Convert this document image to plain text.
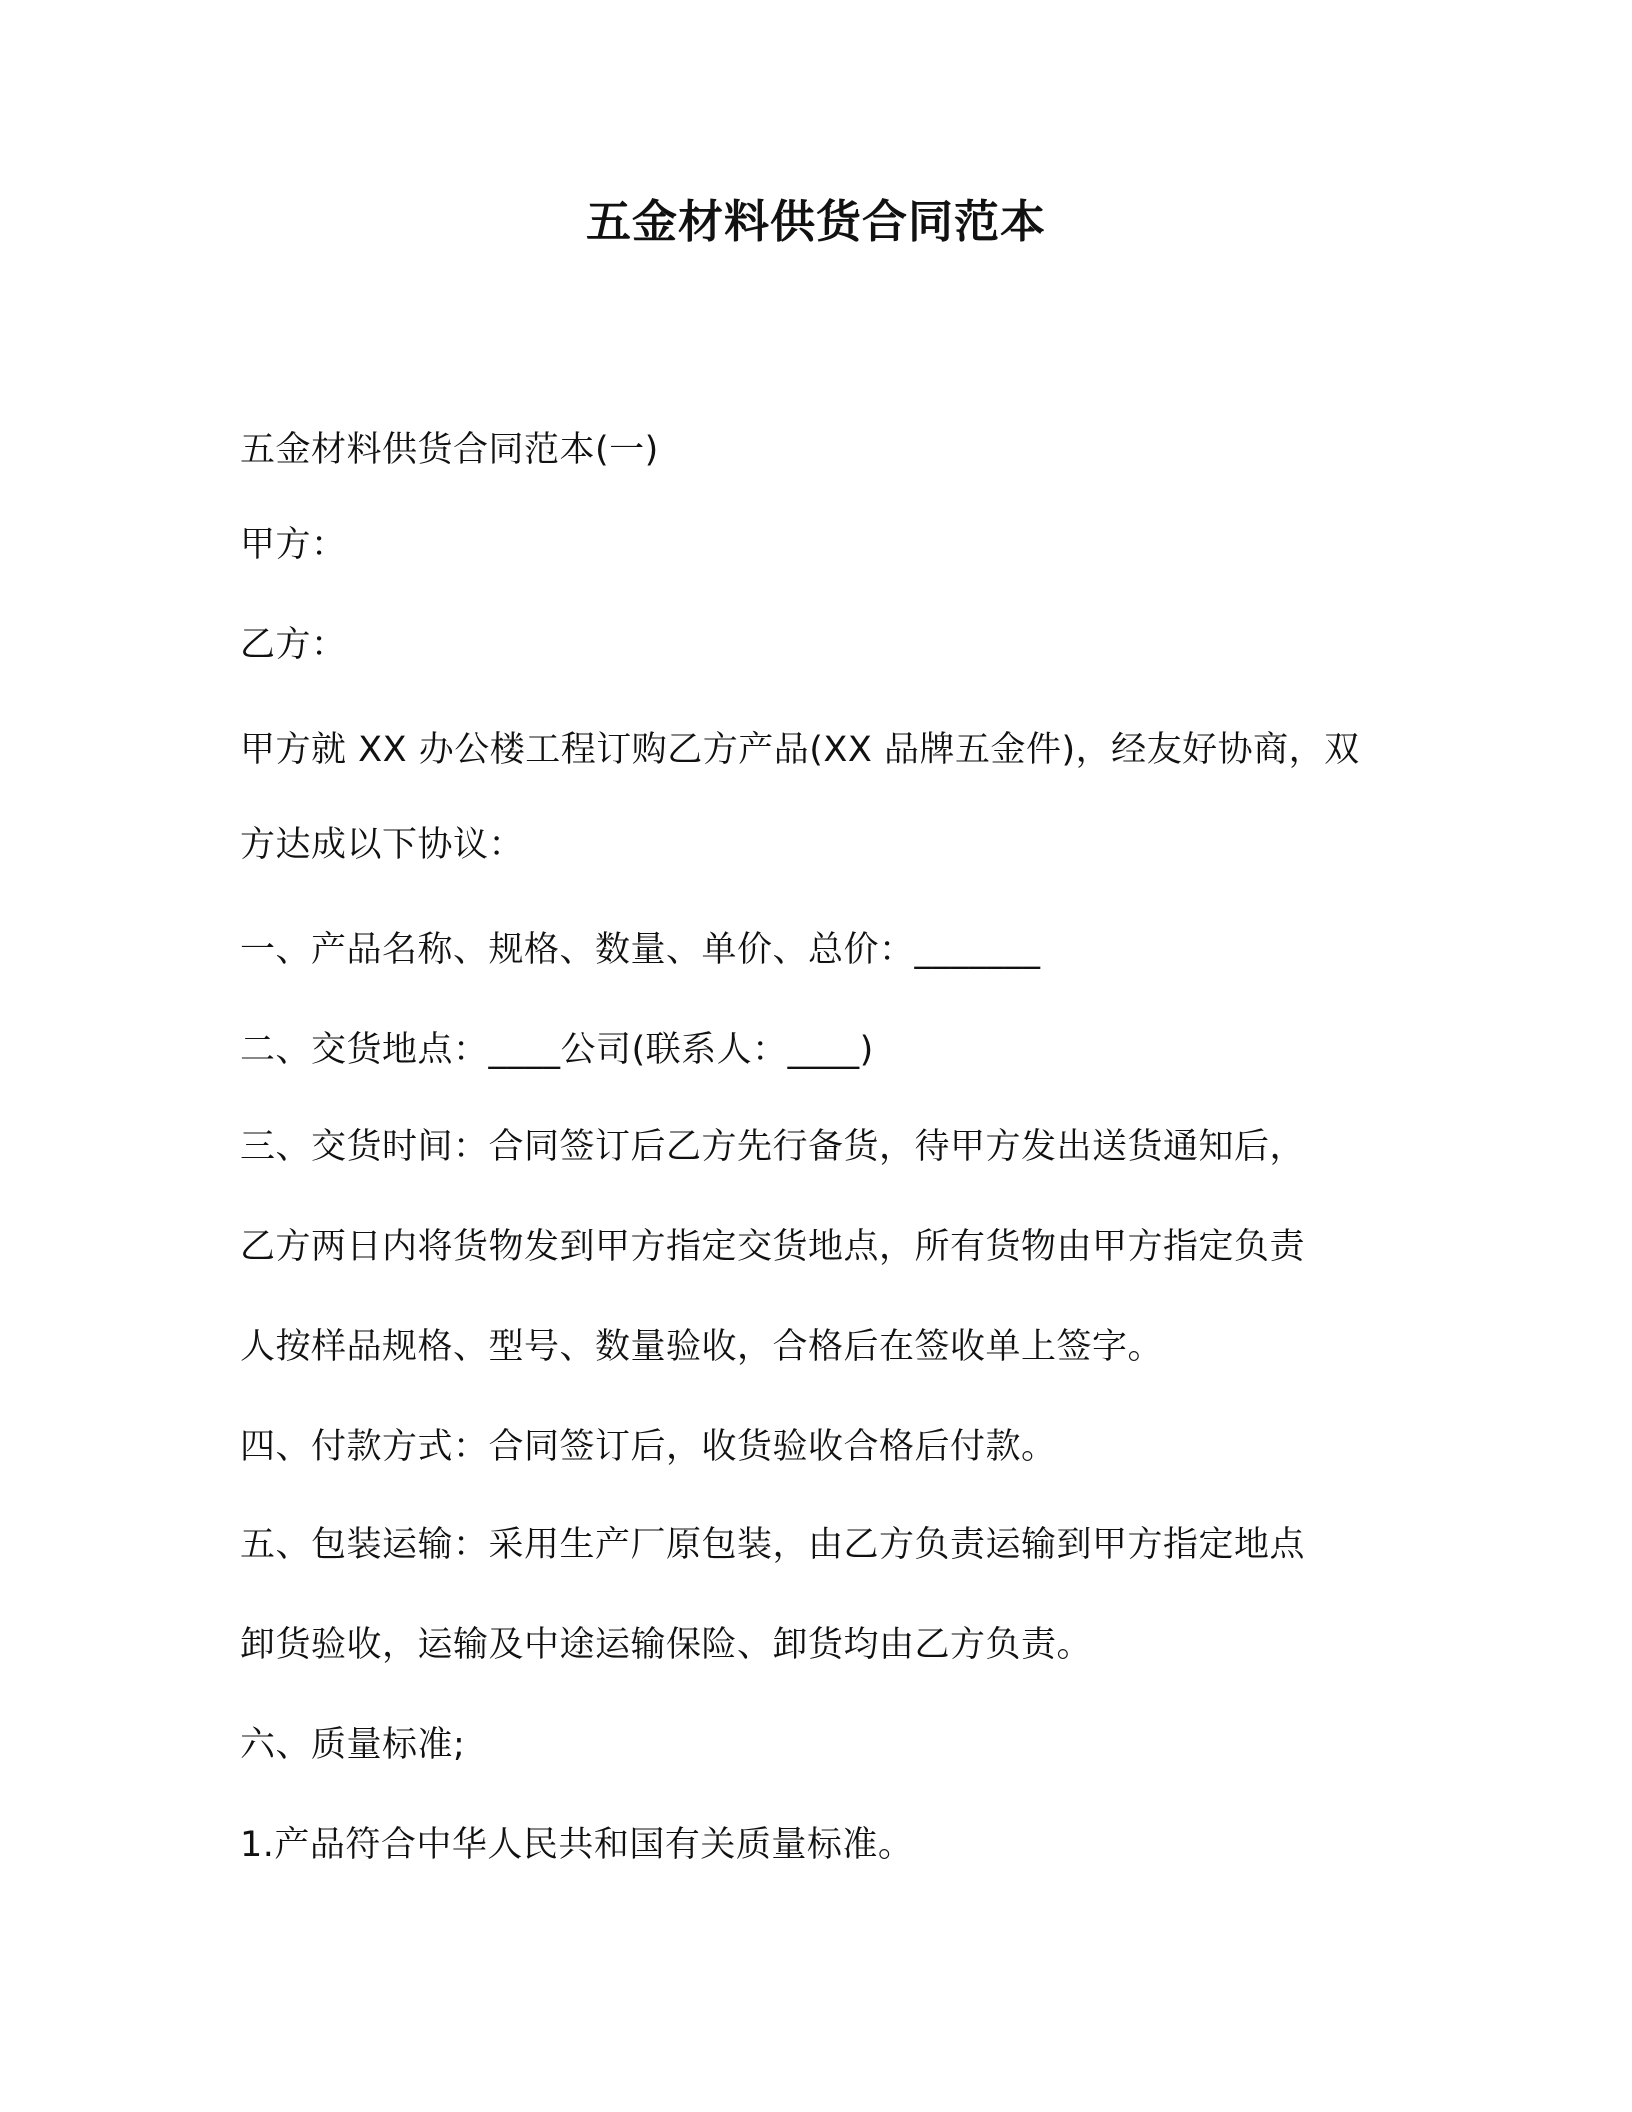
五金材料供货合同范本
五金材料供货合同范本(一)
甲方：
乙方：
甲方就 XX 办公楼工程订购乙方产品(XX 品牌五金件)，经友好协商，双
方达成以下协议：
一、产品名称、规格、数量、单价、总价：_______
二、交货地点：____公司(联系人：____)
三、交货时间：合同签订后乙方先行备货，待甲方发出送货通知后，
乙方两日内将货物发到甲方指定交货地点，所有货物由甲方指定负责
人按样品规格、型号、数量验收，合格后在签收单上签字。
四、付款方式：合同签订后，收货验收合格后付款。
五、包装运输：采用生产厂原包装，由乙方负责运输到甲方指定地点
卸货验收，运输及中途运输保险、卸货均由乙方负责。
六、质量标准;
1.产品符合中华人民共和国有关质量标准。
